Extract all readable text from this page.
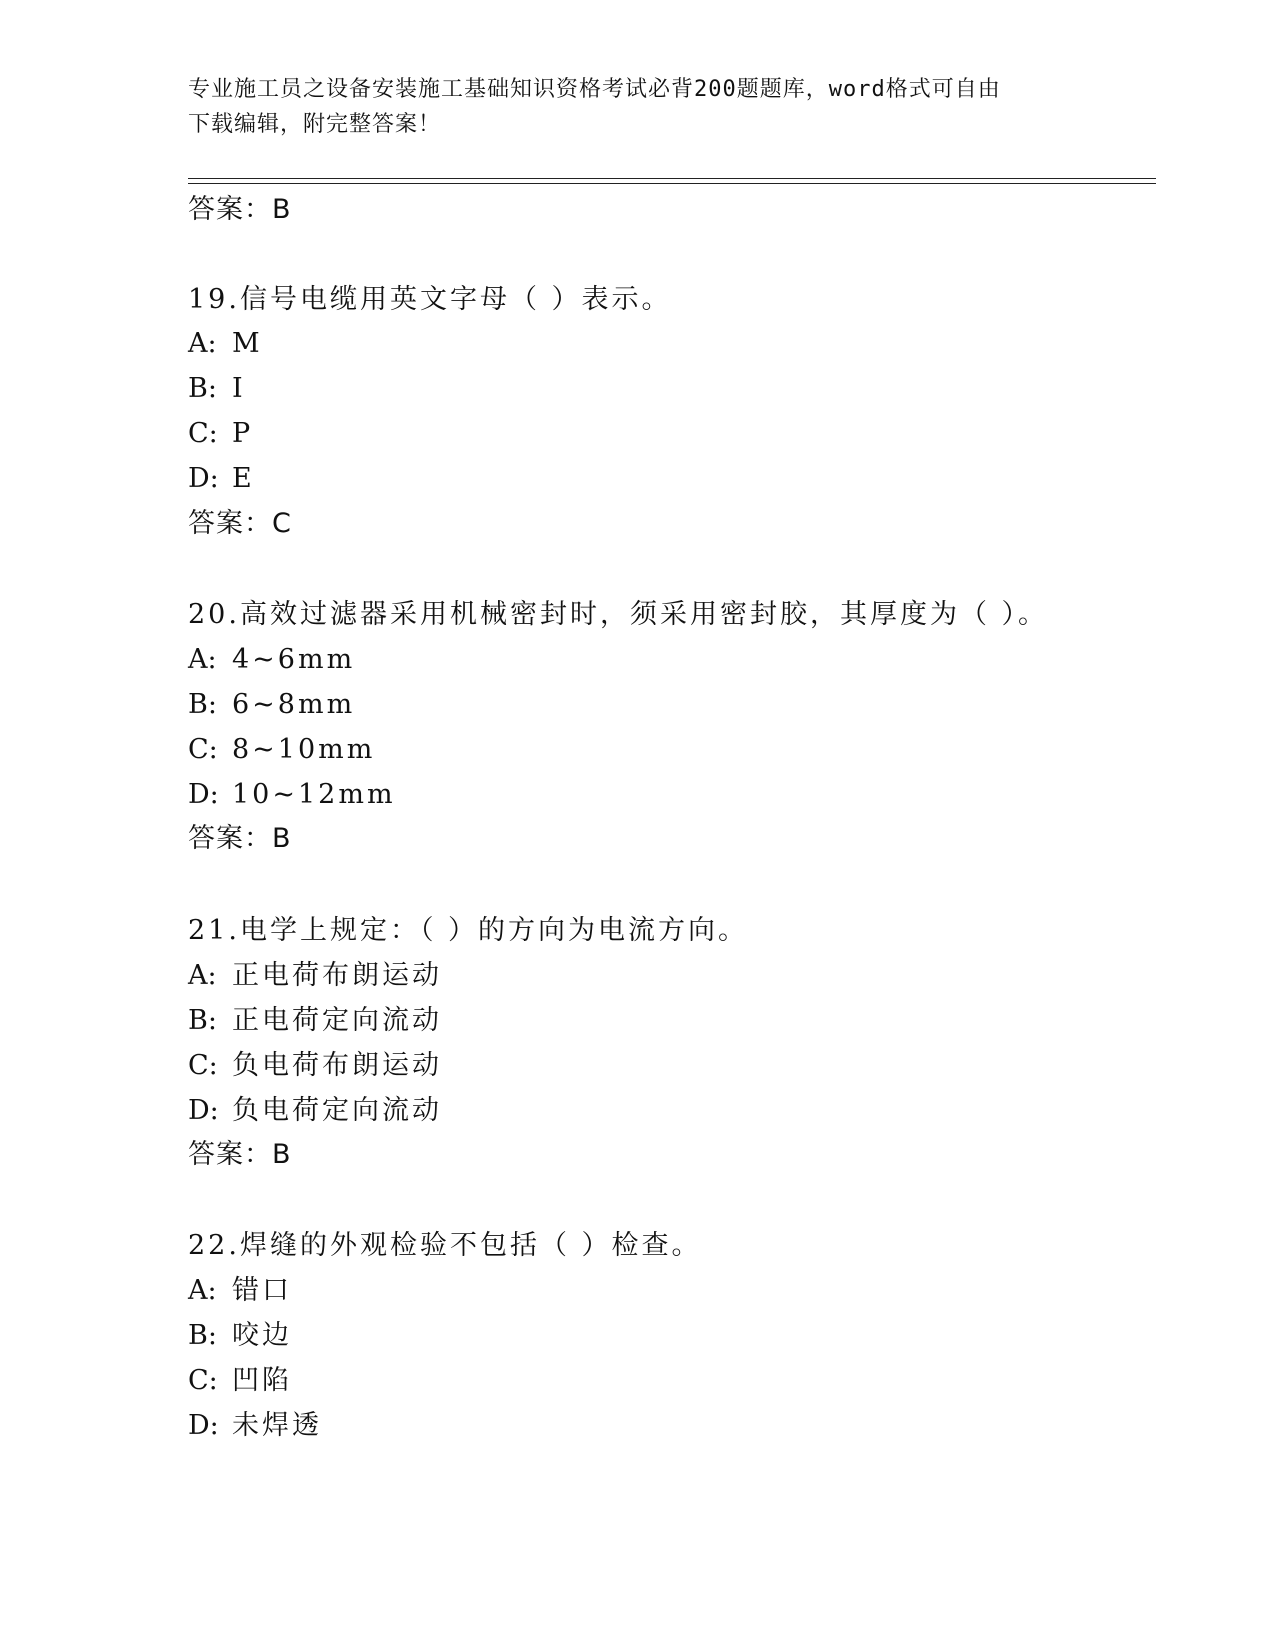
专业施工员之设备安装施工基础知识资格考试必背200题题库，word格式可自由
下载编辑，附完整答案！
答案：B
19.信号电缆用英文字母（ ）表示。
A: M
B: I
C: P
D: E
答案：C
20.高效过滤器采用机械密封时，须采用密封胶，其厚度为（ ）。
A: 4~6mm
B: 6~8mm
C: 8~10mm
D: 10~12mm
答案：B
21.电学上规定：（ ）的方向为电流方向。
A: 正电荷布朗运动
B: 正电荷定向流动
C: 负电荷布朗运动
D: 负电荷定向流动
答案：B
22.焊缝的外观检验不包括（ ）检查。
A: 错口
B: 咬边
C: 凹陷
D: 未焊透
